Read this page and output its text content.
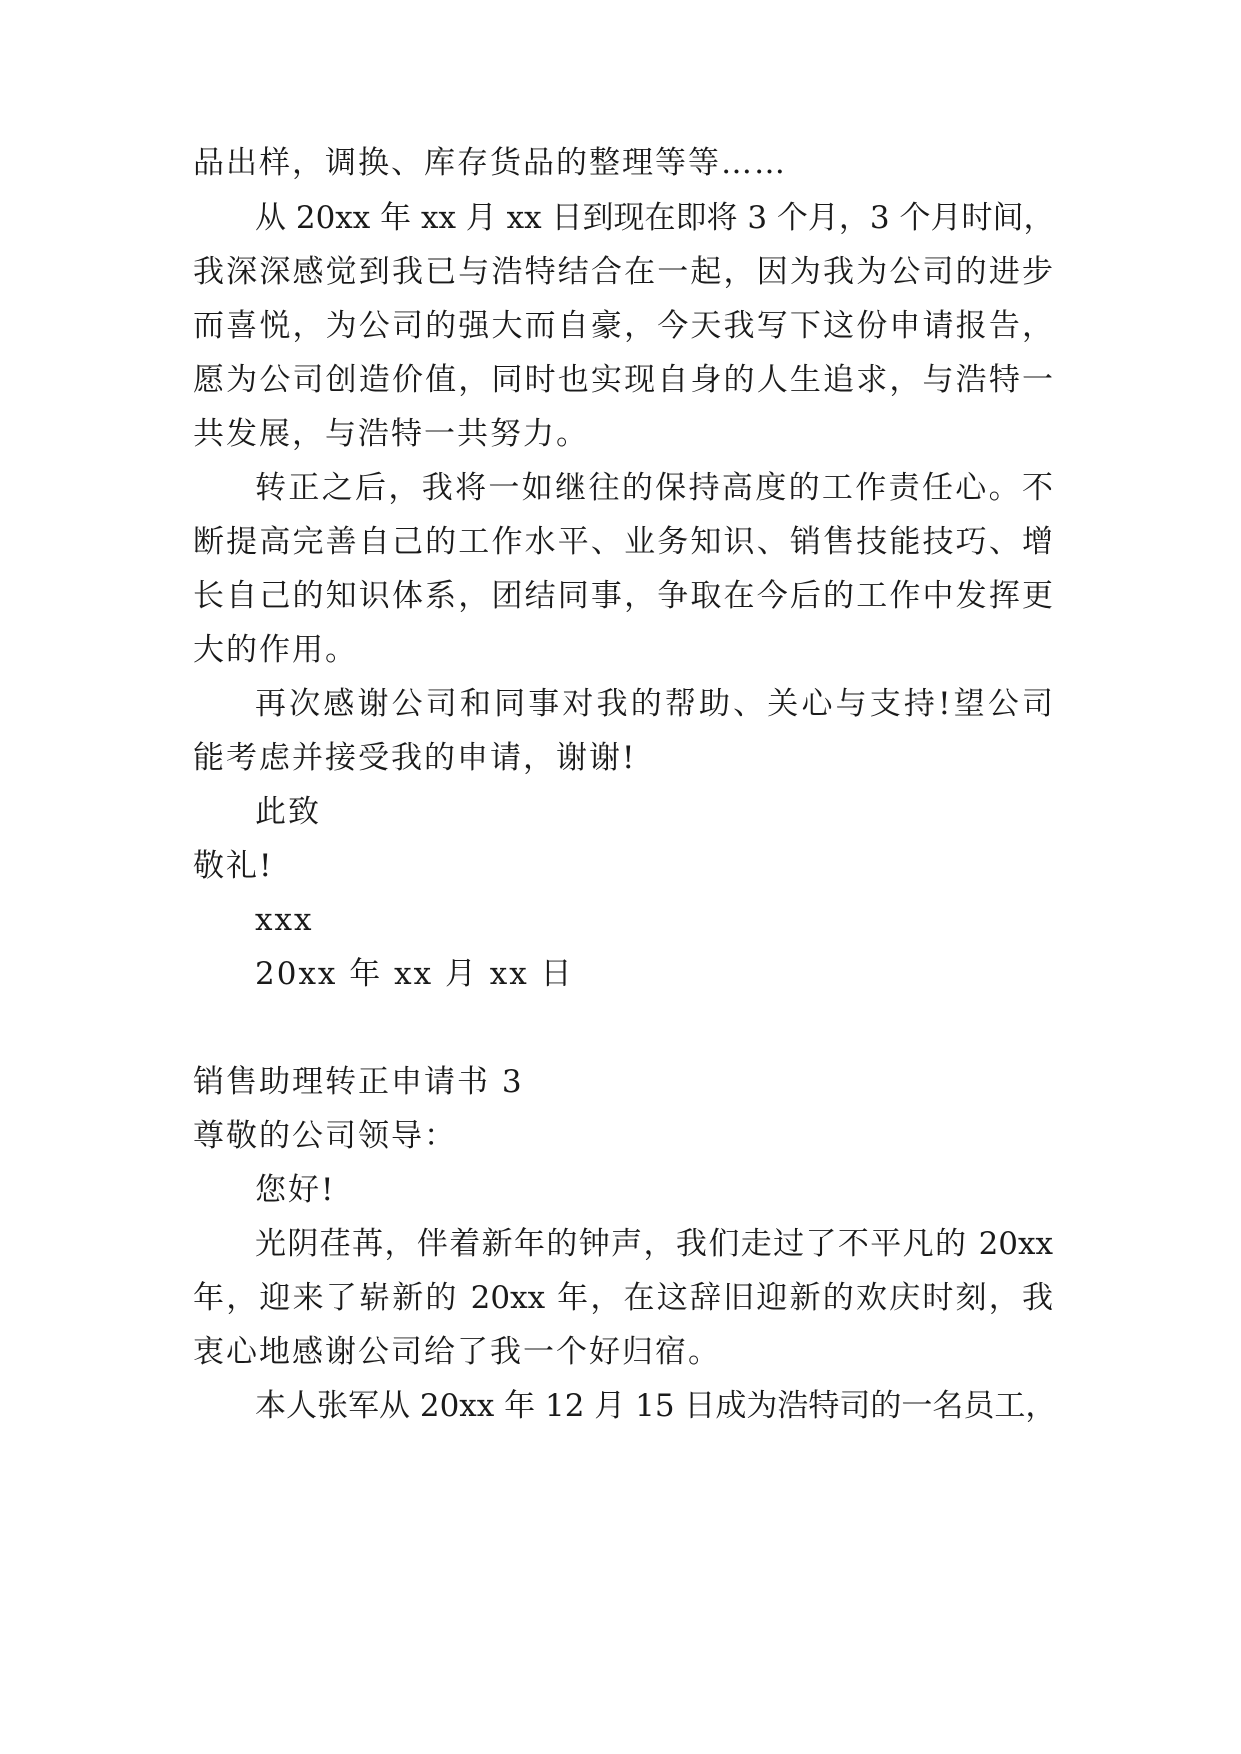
品出样，调换、库存货品的整理等等……

从 20xx 年 xx 月 xx 日到现在即将 3 个月，3 个月时间，

我深深感觉到我已与浩特结合在一起，因为我为公司的进步

而喜悦，为公司的强大而自豪，今天我写下这份申请报告，

愿为公司创造价值，同时也实现自身的人生追求，与浩特一

共发展，与浩特一共努力。

转正之后，我将一如继往的保持高度的工作责任心。不

断提高完善自己的工作水平、业务知识、销售技能技巧、增

长自己的知识体系，团结同事，争取在今后的工作中发挥更

大的作用。

再次感谢公司和同事对我的帮助、关心与支持!望公司

能考虑并接受我的申请，谢谢!

此致

敬礼!

xxx

20xx 年 xx 月 xx 日

销售助理转正申请书 3

尊敬的公司领导：

您好!

光阴荏苒，伴着新年的钟声，我们走过了不平凡的 20xx

年，迎来了崭新的 20xx 年，在这辞旧迎新的欢庆时刻，我

衷心地感谢公司给了我一个好归宿。

本人张军从 20xx 年 12 月 15 日成为浩特司的一名员工，
